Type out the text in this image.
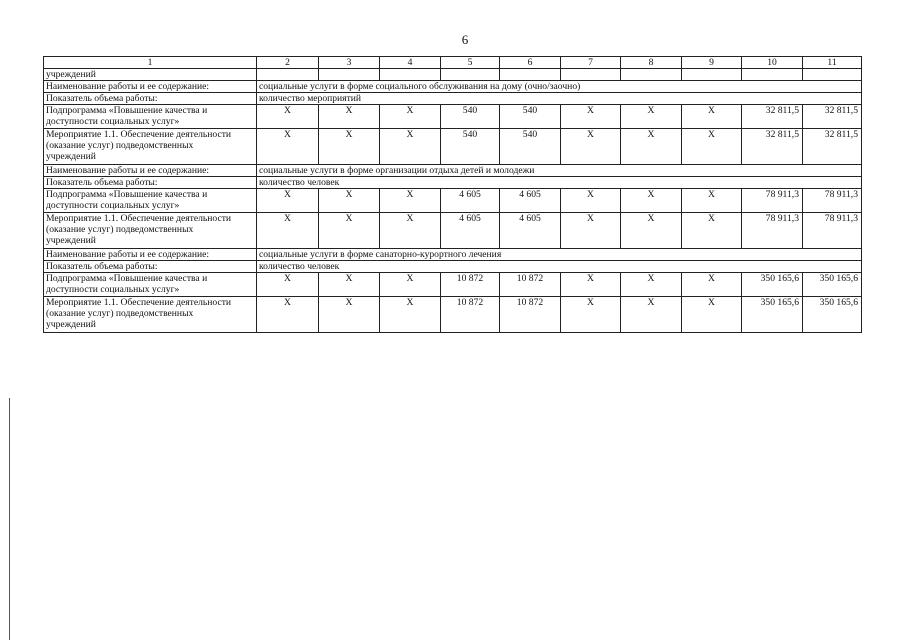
6
1	2	3	4	5	6	7	8	9	10	11
учреждений										
Наименование работы и ее содержание:	социальные услуги в форме социального обслуживания на дому (очно/заочно)									
Показатель объема работы:	количество мероприятий									

Подпрограмма «Повышение качества и
доступности социальных услуг»	Х	Х	Х	540	540	Х	Х	Х	32 811,5	32 811,5

Мероприятие 1.1. Обеспечение деятельности
(оказание услуг) подведомственных
учреждений	Х	Х	Х	540	540	Х	Х	Х	32 811,5	32 811,5
Наименование работы и ее содержание:	социальные услуги в форме организации отдыха детей и молодежи									
Показатель объема работы:	количество человек									

Подпрограмма «Повышение качества и
доступности социальных услуг»	Х	Х	Х	4 605	4 605	Х	Х	Х	78 911,3	78 911,3

Мероприятие 1.1. Обеспечение деятельности
(оказание услуг) подведомственных
учреждений	Х	Х	Х	4 605	4 605	Х	Х	Х	78 911,3	78 911,3
Наименование работы и ее содержание:	социальные услуги в форме санаторно-курортного лечения									
Показатель объема работы:	количество человек									

Подпрограмма «Повышение качества и
доступности социальных услуг»	Х	Х	Х	10 872	10 872	Х	Х	Х	350 165,6	350 165,6

Мероприятие 1.1. Обеспечение деятельности
(оказание услуг) подведомственных
учреждений	Х	Х	Х	10 872	10 872	Х	Х	Х	350 165,6	350 165,6
